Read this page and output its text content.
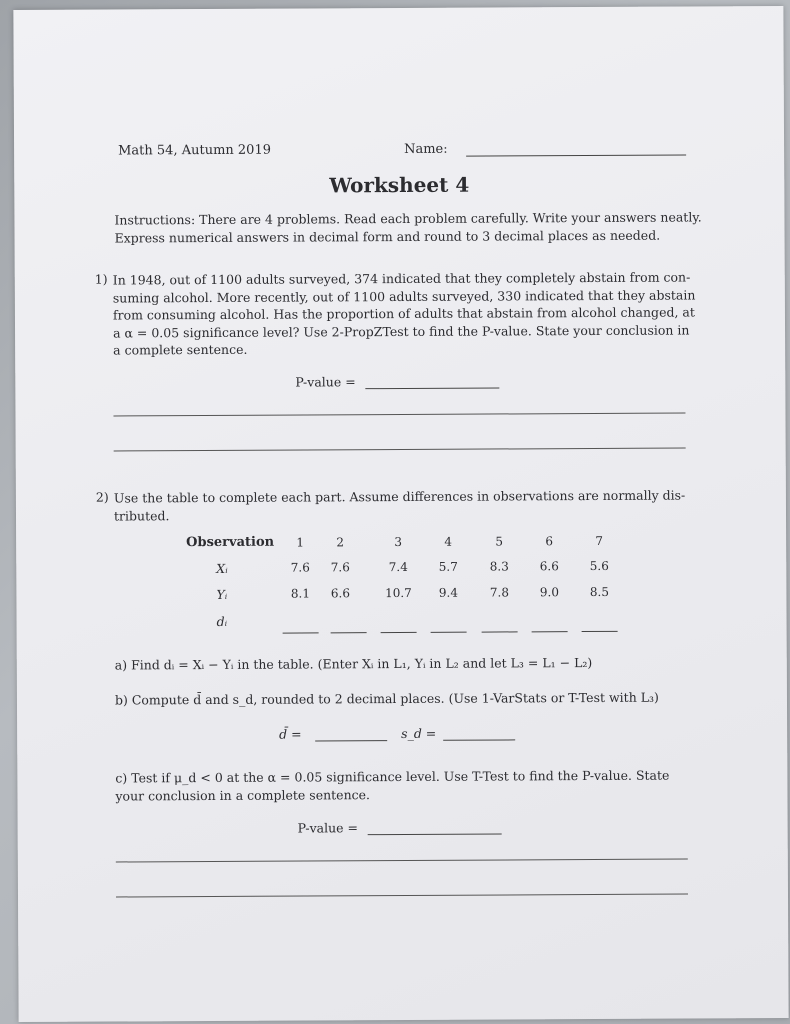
Math 54, Autumn 2019	Name:
Worksheet 4
Instructions: There are 4 problems. Read each problem carefully. Write your answers neatly.
Express numerical answers in decimal form and round to 3 decimal places as needed.
1) In 1948, out of 1100 adults surveyed, 374 indicated that they completely abstain from con-
suming alcohol. More recently, out of 1100 adults surveyed, 330 indicated that they abstain
from consuming alcohol. Has the proportion of adults that abstain from alcohol changed, at
a α = 0.05 significance level? Use 2-PropZTest to find the P-value. State your conclusion in
a complete sentence.
P-value =
2) Use the table to complete each part. Assume differences in observations are normally dis-
tributed.
Observation	1	2	3	4	5	6	7
Xᵢ	7.6	7.6	7.4	5.7	8.3	6.6	5.6
Yᵢ	8.1	6.6	10.7	9.4	7.8	9.0	8.5
dᵢ
a) Find dᵢ = Xᵢ − Yᵢ in the table. (Enter Xᵢ in L₁, Yᵢ in L₂ and let L₃ = L₁ − L₂)
b) Compute d̄ and s_d, rounded to 2 decimal places. (Use 1-VarStats or T-Test with L₃)
d̄ =	s_d =
c) Test if μ_d < 0 at the α = 0.05 significance level. Use T-Test to find the P-value. State
your conclusion in a complete sentence.
P-value =
